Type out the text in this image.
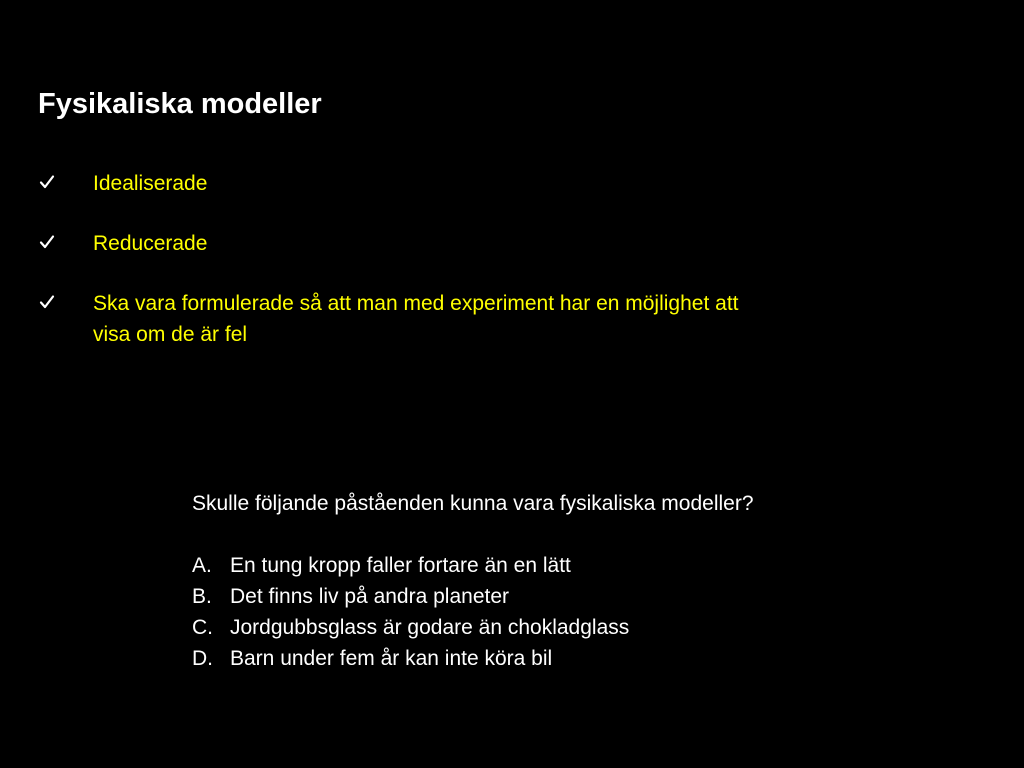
Fysikaliska modeller
Idealiserade
Reducerade
Ska vara formulerade så att man med experiment har en möjlighet att visa om de är fel

Skulle följande påståenden kunna vara fysikaliska modeller?

A. En tung kropp faller fortare än en lätt
B. Det finns liv på andra planeter
C. Jordgubbsglass är godare än chokladglass
D. Barn under fem år kan inte köra bil
